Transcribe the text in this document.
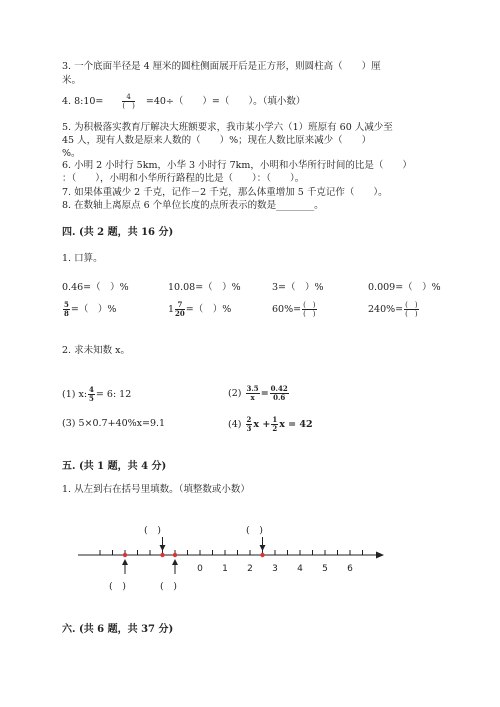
3. 一个底面半径是 4 厘米的圆柱侧面展开后是正方形，则圆柱高（　　）厘
米。
4. 8:10=	$\frac{4}{( )} =40\div$（　　）=（　　）。（填小数）
5. 为积极落实教育厅解决大班额要求，我市某小学六（1）班原有 60 人减少至
45 人，现有人数是原来人数的（　　）%；现在人数比原来减少（　　）
%。
6. 小明 2 小时行 5km，小华 3 小时行 7km，小明和小华所行时间的比是（　　）
：（　　），小明和小华所行路程的比是（　　）：（　　）。
7. 如果体重减少 2 千克，记作－2 千克，那么体重增加 5 千克记作（　　）。
8. 在数轴上离原点 6 个单位长度的点所表示的数是________。
四. (共 2 题，共 16 分)
1. 口算。
0.46=（　）%	10.08=（　）%	3=（　）%	0.009=（　）%
$\frac{5}{8}$ =（　）%	$1 \frac{7}{20}$ =（　）%	$60\%= \frac{( )}{( )}$	$240\%= \frac{( )}{( )}$
2. 求未知数 x。
(1) x: $\frac{4}{5} = 6$: 12	$(2) \frac{3.5}{x} = \frac{0.42}{0.6}$
(3) 5×0.7+40%x=9.1	$(4) \frac{2}{3}$ $x + \frac{1}{2}$ x = 42
五. (共 1 题，共 4 分)
1. 从左到右在括号里填数。（填整数或小数）
0 1 2 3 4 5 6
(　)	(　)
(　)	(　)
六. (共 6 题，共 37 分)
